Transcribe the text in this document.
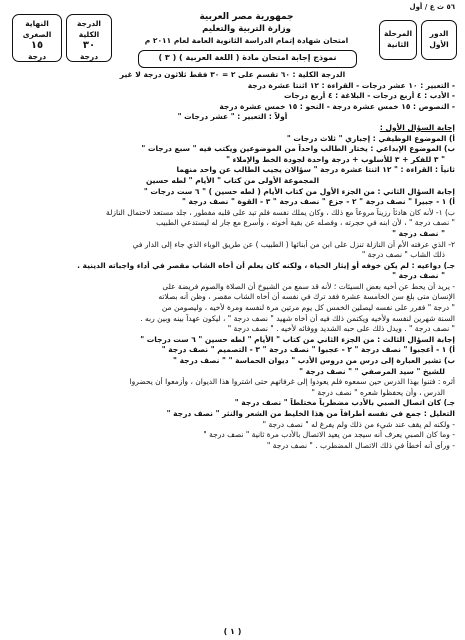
٥٦ ث ع / أول
الدور
الأول
المرحلة
الثانية
جمهورية مصر العربية
وزارة التربية والتعليم
امتحان شهادة إتمام الدراسة الثانوية العامة لعام ٢٠١١ م
نموذج إجابة امتحان مادة ( اللغة العربية ) ( ٣ )
الدرجة
الكلية
٣٠
درجة
النهاية
الصغرى
١٥
درجة
الدرجة الكلية : ٦٠ تقسم على ٢ = ٣٠ فقط ثلاثون درجة لا غير
- التعبير : ١٠ عشر درجات - القراءة : ١٢ اثنتا عشرة درجة
- الأدب : ٤ أربع درجات - البلاغة : ٤ أربع درجات
- النصوص : ١٥ خمس عشرة درجة - النحو : ١٥ خمس عشرة درجة
أولاً : التعبير : " عشر درجات "
إجابة السؤال الأول :
أ) الموضوع الوظيفي : إجباري " ثلاث درجات "
ب) الموضوع الإبداعي : يختار الطالب واحداً من الموضوعين ويكتب فيه " سبع درجات "
" ٣ للفكر + ٣ للأسلوب + درجة واحدة لجودة الخط والإملاء "
ثانياً : القراءة : " ١٢ اثنتا عشرة درجة " سؤالان يجيب الطالب عن واحد منهما
المجموعة الأولى من كتاب " الأيام " لطه حسين
إجابة السؤال الثاني : من الجزء الأول من كتاب الأيام ( لطه حسين ) " ٦ ست درجات "
أ) ١ - جبيرا " نصف درجة " ٢ - جزع " نصف درجة " ٣ - القوة " نصف درجة "
ب) ١- لأنه كان هادئاً رزيناً مروعاً مع ذلك ، وكان يملك نفسه فلم تبد على قلبه مفطور ، جلد مستعد لاحتمال النازلة
" نصف درجة " ، لأن ابنه في حجرته ، وفصله عن بقية أخوته ، وأسرع مع جار له ليستدعي الطبيب
" نصف درجة "
٢- الذي عرفته الأم أن النازلة تنزل على ابن من أبنائها ( الطبيب ) عن طريق الوباء الذي جاء إلى الدار في
ذلك الشاب " نصف درجة "
جـ) دواعيه : لم يكن خوفه أو إيثار الحياة ، ولكنه كان يعلم أن أخاه الشاب مقصر في أداء واجباته الدينية .
" نصف درجة "
- يريد أن يحط عن أخيه بعض السيئات ؛ لأنه قد سمع من الشيوخ أن الصلاة والصوم فريضة على
الإنسان متى بلغ سن الخامسة عشرة فقد ترك في نفسه أن أخاه الشاب مقصر ، وظن أنه بصلاته
" درجة " فقرر على نفسه ليصلين الخمس كل يوم مرتين مرة لنفسه ومرة لأخيه ، وليصومن من
السنة شهرين لنفسه ولأخيه ويكتمن ذلك فيه أن أخاه شهيد " نصف درجة " ، ليكون عهداً بينه وبين ربه .
" نصف درجة " . ويدل ذلك على حبه الشديد ووفائه لأخيه . " نصف درجة "
إجابة السؤال الثالث : من الجزء الثاني من كتاب " الأيام " لطه حسين " ٦ ست درجات "
أ) ١ - أعجبوا " نصف درجة " ٢ - عجبوا " نصف درجة " ٣ - التصميم " نصف درجة "
ب) تشير العبارة إلى درس من دروس الأدب " ديوان الحماسة " " نصف درجة "
للشيخ " سيد المرصفي " " نصف درجة "
أثره : فتنوا بهذا الدرس حين سمعوه فلم يعودوا إلى غرفاتهم حتى اشتروا هذا الديوان ، وأزمعوا أن يحضروا
الدرس ، وأن يحفظوا شعره " نصف درجة "
جـ) كان اتصال الصبي بالأدب مضطرباً مختلطاً " نصف درجة "
التعليل : جمع في نفسه أطرافاً من هذا الخليط من الشعر والنثر " نصف درجة "
- ولكنه لم يقف عند شيء من ذلك ولم يفرغ له " نصف درجة "
- وما كان الصبي يعرف أنه سيجد من يعيد الاتصال بالأدب مرة ثانية " نصف درجة "
- ورأى أنه أخطأ في ذلك الاتصال المضطرب . " نصف درجة "
( ١ )
